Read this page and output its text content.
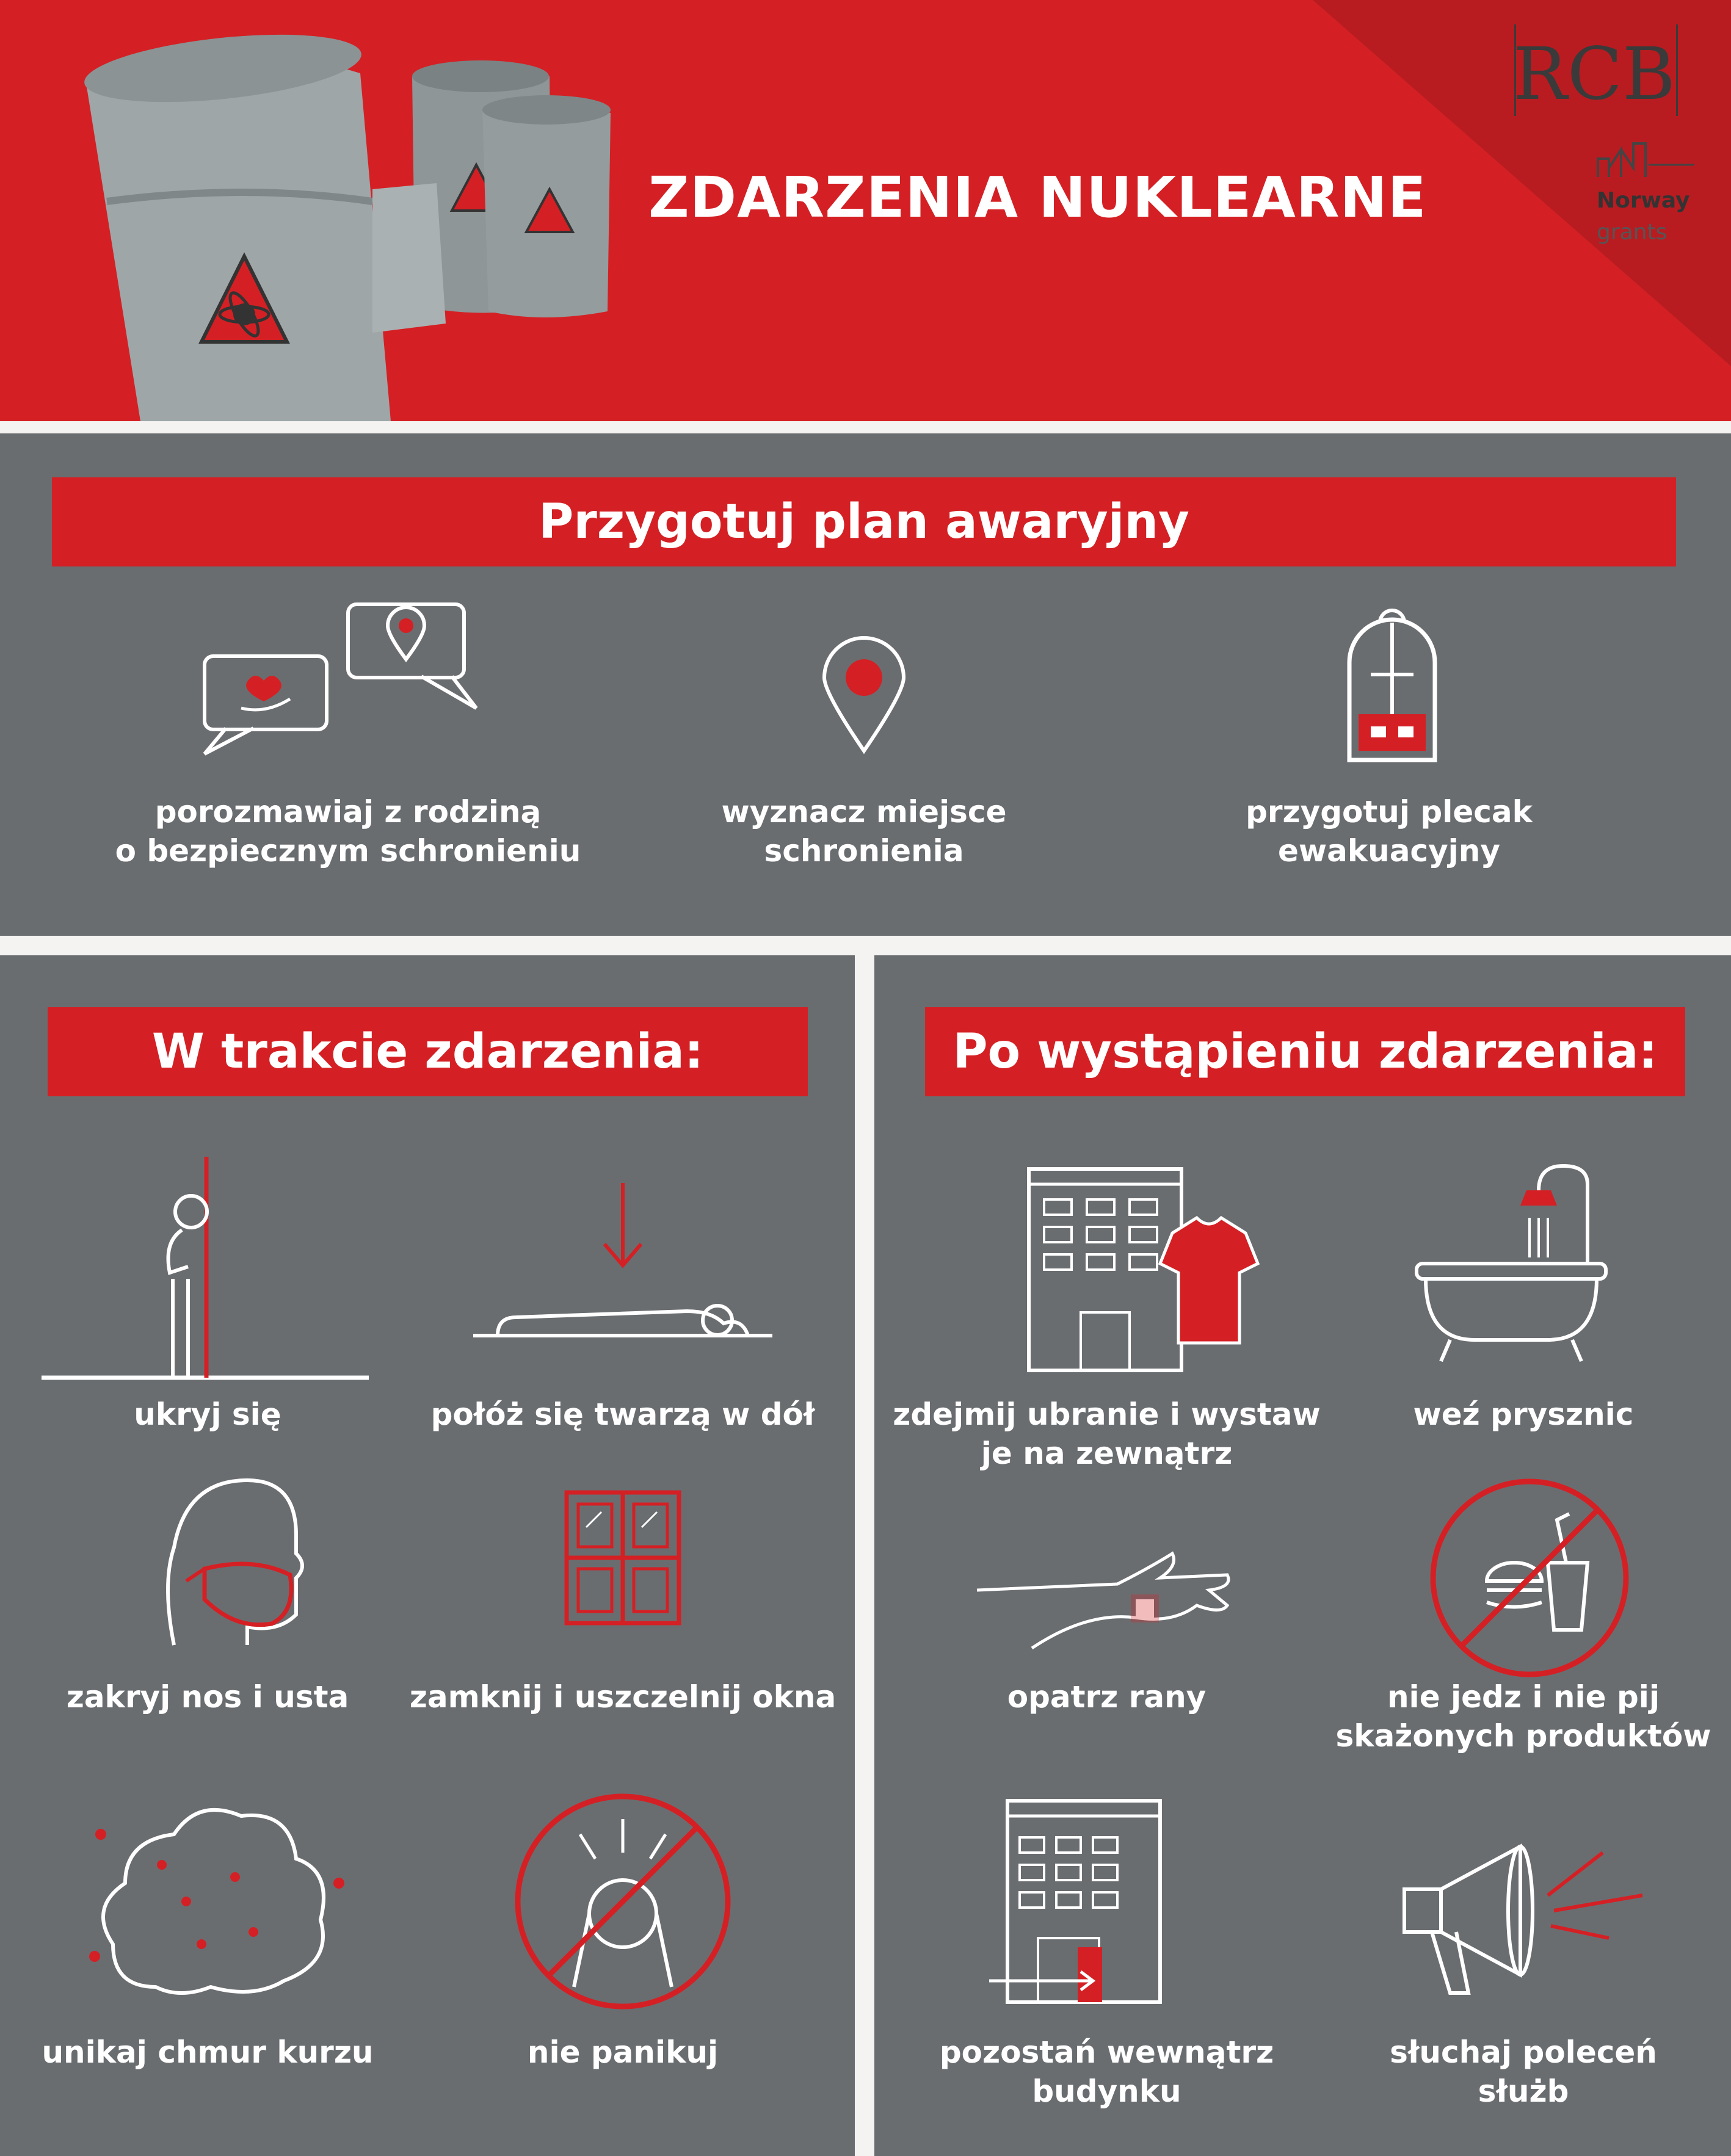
ZDARZENIA NUKLEARNE
RCB
Norway
grants
Przygotuj plan awaryjny
porozmawiaj z rodziną
o bezpiecznym schronieniu
wyznacz miejsce
schronienia
przygotuj plecak
ewakuacyjny
W trakcie zdarzenia:
ukryj się	połóż się twarzą w dół
zakryj nos i usta	zamknij i uszczelnij okna
unikaj chmur kurzu	nie panikuj
Po wystąpieniu zdarzenia:
zdejmij ubranie i wystaw
je na zewnątrz
weź prysznic
opatrz rany	nie jedz i nie pij
skażonych produktów
pozostań wewnątrz
budynku
słuchaj poleceń
służb
